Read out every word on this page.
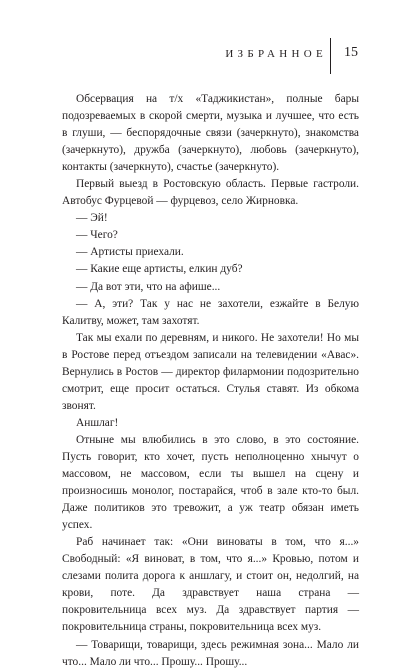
ИЗБРАННОЕ 15

Обсервация на т/х «Таджикистан», полные бары подозреваемых в скорой смерти, музыка и лучшее, что есть в глуши, — беспорядочные связи (зачеркнуто), знакомства (зачеркнуто), дружба (зачеркнуто), любовь (зачеркнуто), контакты (зачеркнуто), счастье (зачеркнуто).

Первый выезд в Ростовскую область. Первые гастроли. Автобус Фурцевой — фурцевоз, село Жирновка.

— Эй!

— Чего?

— Артисты приехали.

— Какие еще артисты, елкин дуб?

— Да вот эти, что на афише...

— А, эти? Так у нас не захотели, езжайте в Белую Калитву, может, там захотят.

Так мы ехали по деревням, и никого. Не захотели! Но мы в Ростове перед отъездом записали на телевидении «Авас». Вернулись в Ростов — директор филармонии подозрительно смотрит, еще просит остаться. Стулья ставят. Из обкома звонят.

Аншлаг!

Отныне мы влюбились в это слово, в это состояние. Пусть говорит, кто хочет, пусть неполноценно хнычут о массовом, не массовом, если ты вышел на сцену и произносишь монолог, постарайся, чтоб в зале кто-то был. Даже политиков это тревожит, а уж театр обязан иметь успех.

Раб начинает так: «Они виноваты в том, что я...» Свободный: «Я виноват, в том, что я...» Кровью, потом и слезами полита дорога к аншлагу, и стоит он, недолгий, на крови, поте. Да здравствует наша страна — покровительница всех муз. Да здравствует партия — покровительница страны, покровительница всех муз.

— Товарищи, товарищи, здесь режимная зона... Мало ли что... Мало ли что... Прошу... Прошу...
